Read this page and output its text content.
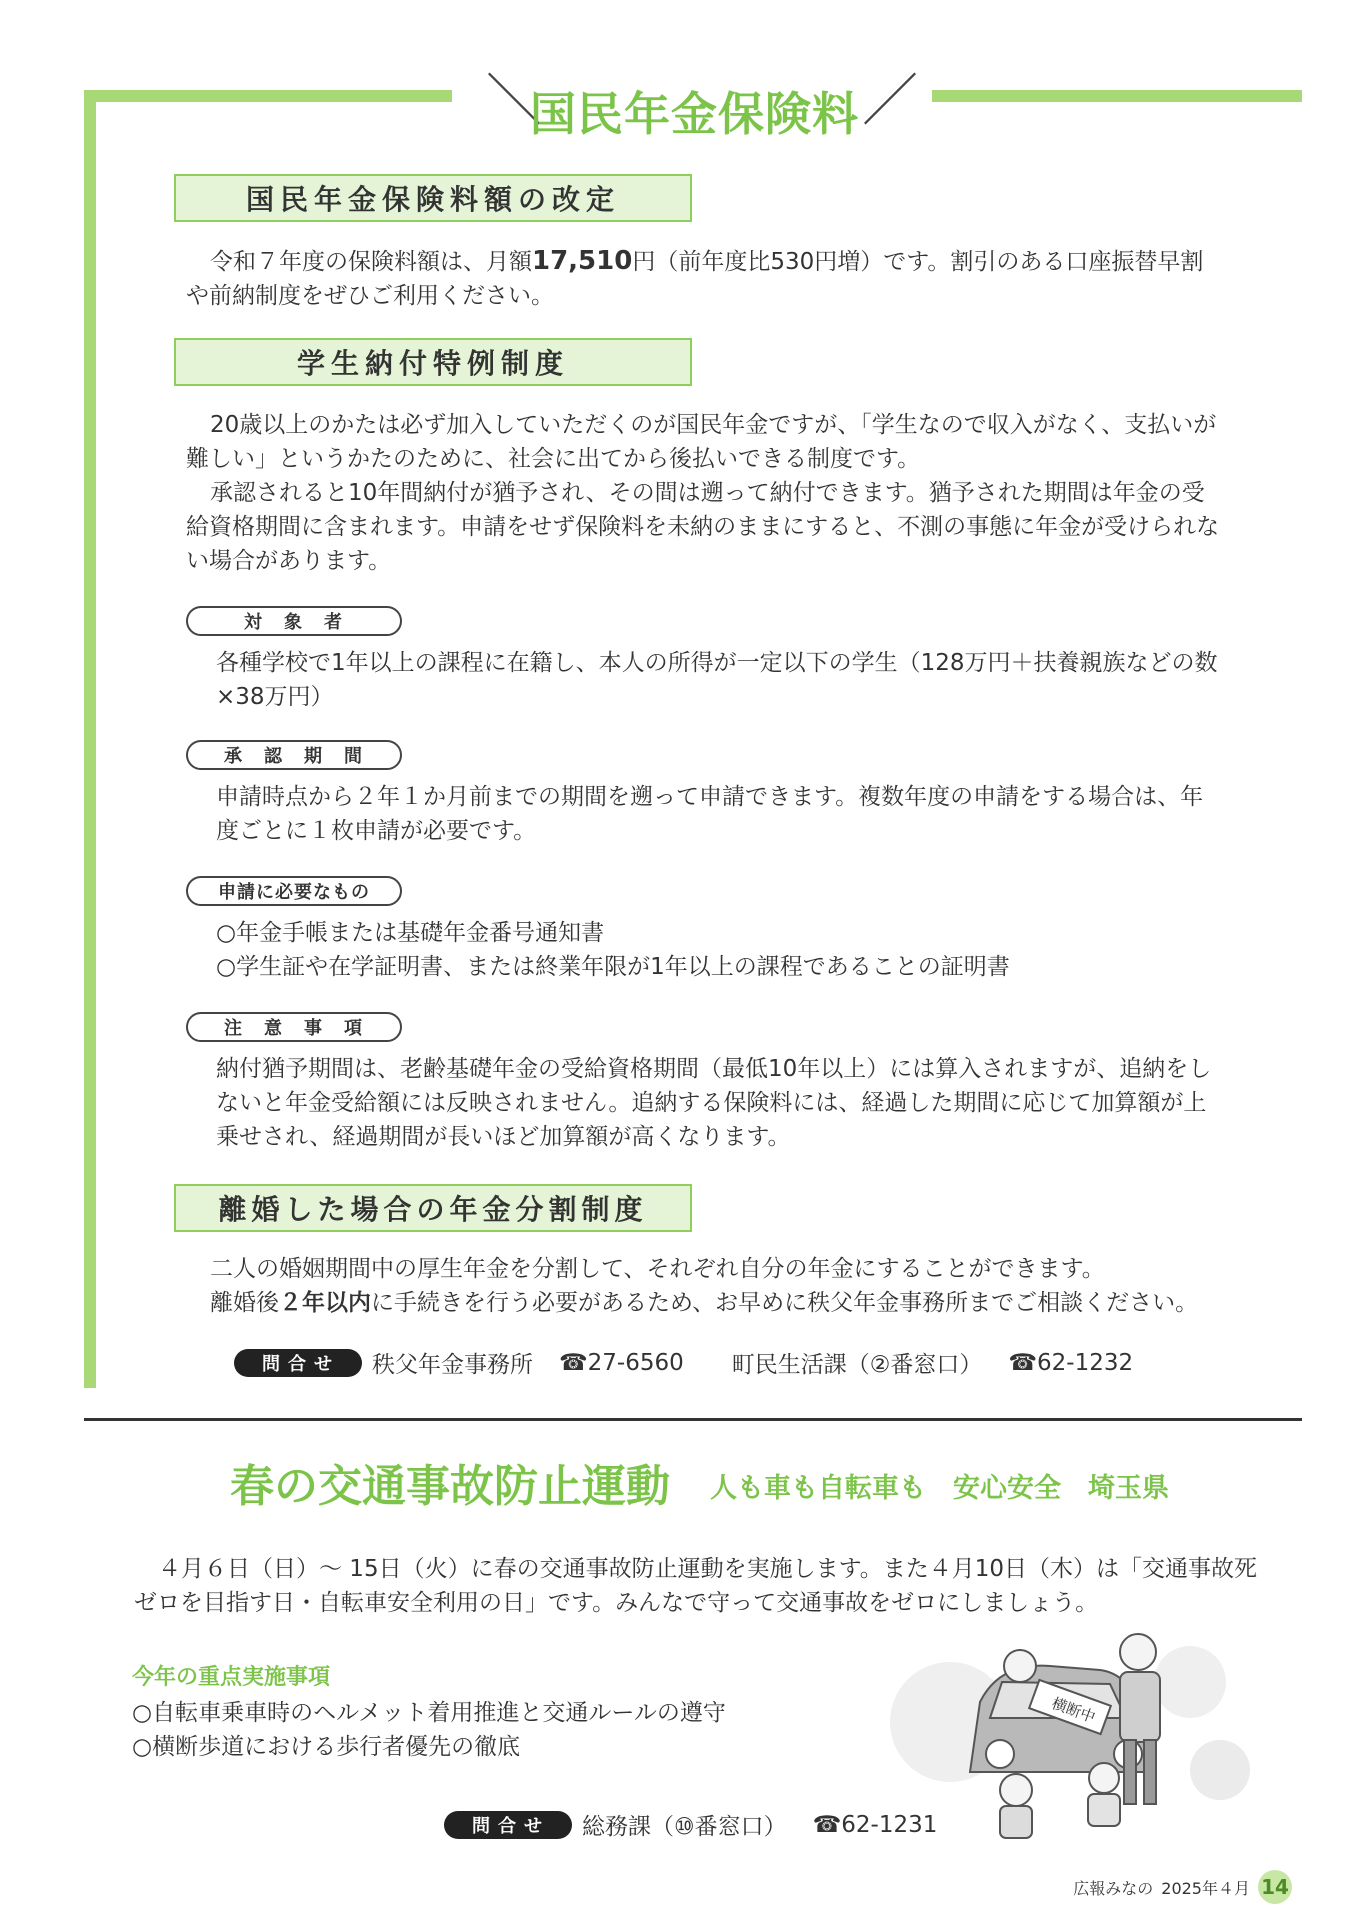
＼	／
国民年金保険料
国民年金保険料額の改定

令和７年度の保険料額は、月額17,510円（前年度比530円増）です。割引のある口座振替早割や前納制度をぜひご利用ください。

学生納付特例制度

20歳以上のかたは必ず加入していただくのが国民年金ですが、「学生なので収入がなく、支払いが難しい」というかたのために、社会に出てから後払いできる制度です。

承認されると10年間納付が猶予され、その間は遡って納付できます。猶予された期間は年金の受給資格期間に含まれます。申請をせず保険料を未納のままにすると、不測の事態に年金が受けられない場合があります。

対象者

各種学校で1年以上の課程に在籍し、本人の所得が一定以下の学生（128万円＋扶養親族などの数×38万円）

承認期間

申請時点から２年１か月前までの期間を遡って申請できます。複数年度の申請をする場合は、年度ごとに１枚申請が必要です。

申請に必要なもの

○年金手帳または基礎年金番号通知書

○学生証や在学証明書、または終業年限が1年以上の課程であることの証明書

注意事項

納付猶予期間は、老齢基礎年金の受給資格期間（最低10年以上）には算入されますが、追納をしないと年金受給額には反映されません。追納する保険料には、経過した期間に応じて加算額が上乗せされ、経過期間が長いほど加算額が高くなります。

離婚した場合の年金分割制度

二人の婚姻期間中の厚生年金を分割して、それぞれ自分の年金にすることができます。

離婚後２年以内に手続きを行う必要があるため、お早めに秩父年金事務所までご相談ください。

問合せ	秩父年金事務所 ☎27-6560 町民生活課（②番窓口） ☎62-1232
春の交通事故防止運動 人も車も自転車も　安心安全　埼玉県

４月６日（日）～ 15日（火）に春の交通事故防止運動を実施します。また４月10日（木）は「交通事故死ゼロを目指す日・自転車安全利用の日」です。みんなで守って交通事故をゼロにしましょう。

今年の重点実施事項

○自転車乗車時のヘルメット着用推進と交通ルールの遵守

○横断歩道における歩行者優先の徹底

横断中
問合せ	総務課（⑩番窓口） ☎62-1231
広報みなの 2025年４月 14
